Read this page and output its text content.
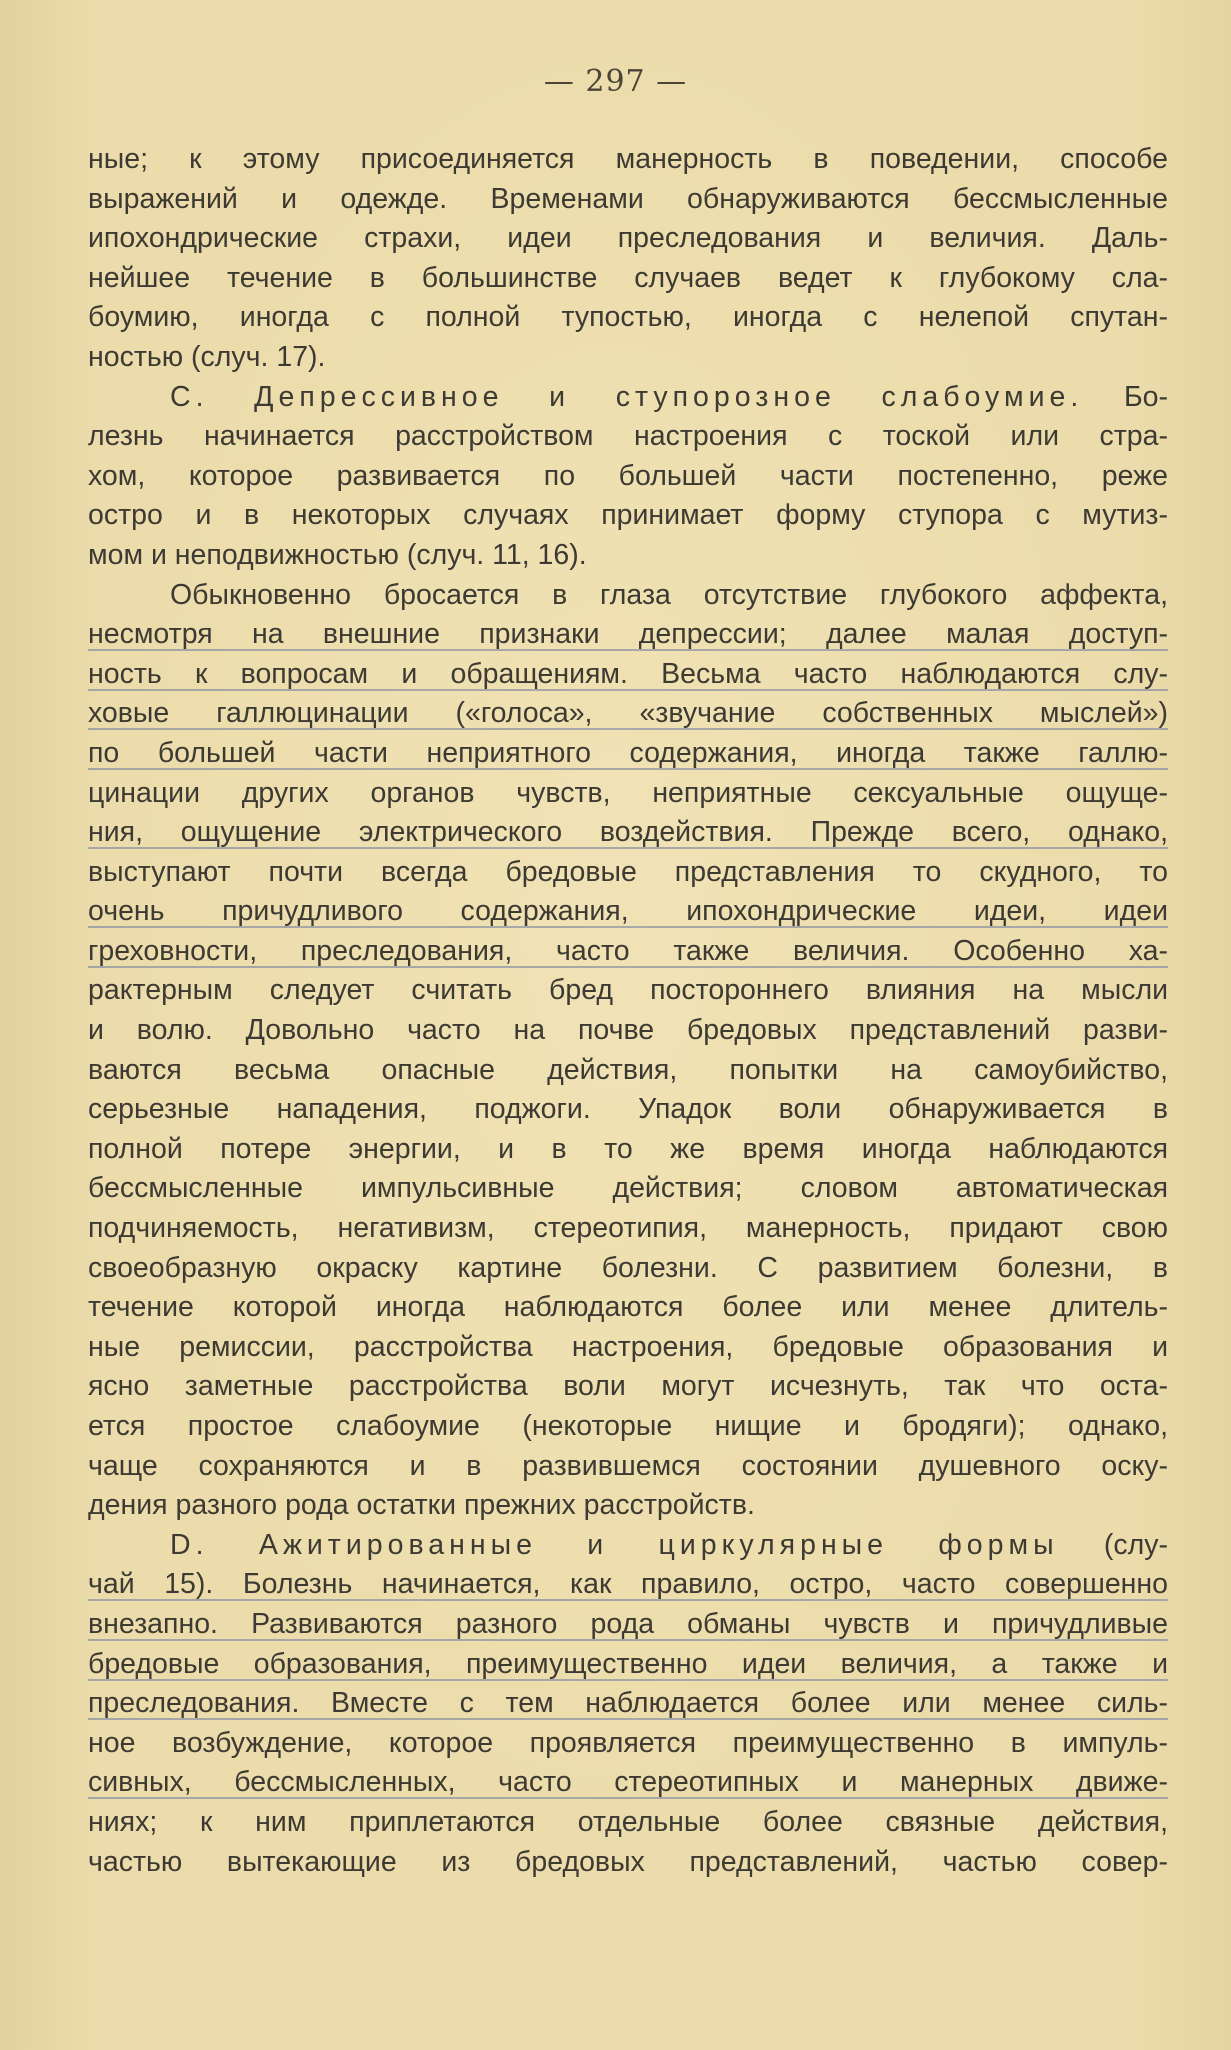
— 297 —
ные; к этому присоединяется манерность в поведении, способе
выражений и одежде. Временами обнаруживаются бессмысленные
ипохондрические страхи, идеи преследования и величия. Даль-
нейшее течение в большинстве случаев ведет к глубокому сла-
боумию, иногда с полной тупостью, иногда с нелепой спутан-
ностью (случ. 17).
С. Депрессивное и ступорозное слабоумие. Бо-
лезнь начинается расстройством настроения с тоской или стра-
хом, которое развивается по большей части постепенно, реже
остро и в некоторых случаях принимает форму ступора с мутиз-
мом и неподвижностью (случ. 11, 16).
Обыкновенно бросается в глаза отсутствие глубокого аффекта,
несмотря на внешние признаки депрессии; далее малая доступ-
ность к вопросам и обращениям. Весьма часто наблюдаются слу-
ховые галлюцинации («голоса», «звучание собственных мыслей»)
по большей части неприятного содержания, иногда также галлю-
цинации других органов чувств, неприятные сексуальные ощуще-
ния, ощущение электрического воздействия. Прежде всего, однако,
выступают почти всегда бредовые представления то скудного, то
очень причудливого содержания, ипохондрические идеи, идеи
греховности, преследования, часто также величия. Особенно ха-
рактерным следует считать бред постороннего влияния на мысли
и волю. Довольно часто на почве бредовых представлений разви-
ваются весьма опасные действия, попытки на самоубийство,
серьезные нападения, поджоги. Упадок воли обнаруживается в
полной потере энергии, и в то же время иногда наблюдаются
бессмысленные импульсивные действия; словом автоматическая
подчиняемость, негативизм, стереотипия, манерность, придают свою
своеобразную окраску картине болезни. С развитием болезни, в
течение которой иногда наблюдаются более или менее длитель-
ные ремиссии, расстройства настроения, бредовые образования и
ясно заметные расстройства воли могут исчезнуть, так что оста-
ется простое слабоумие (некоторые нищие и бродяги); однако,
чаще сохраняются и в развившемся состоянии душевного оску-
дения разного рода остатки прежних расстройств.
D. Ажитированные и циркулярные формы (слу-
чай 15). Болезнь начинается, как правило, остро, часто совершенно
внезапно. Развиваются разного рода обманы чувств и причудливые
бредовые образования, преимущественно идеи величия, а также и
преследования. Вместе с тем наблюдается более или менее силь-
ное возбуждение, которое проявляется преимущественно в импуль-
сивных, бессмысленных, часто стереотипных и манерных движе-
ниях; к ним приплетаются отдельные более связные действия,
частью вытекающие из бредовых представлений, частью совер-
